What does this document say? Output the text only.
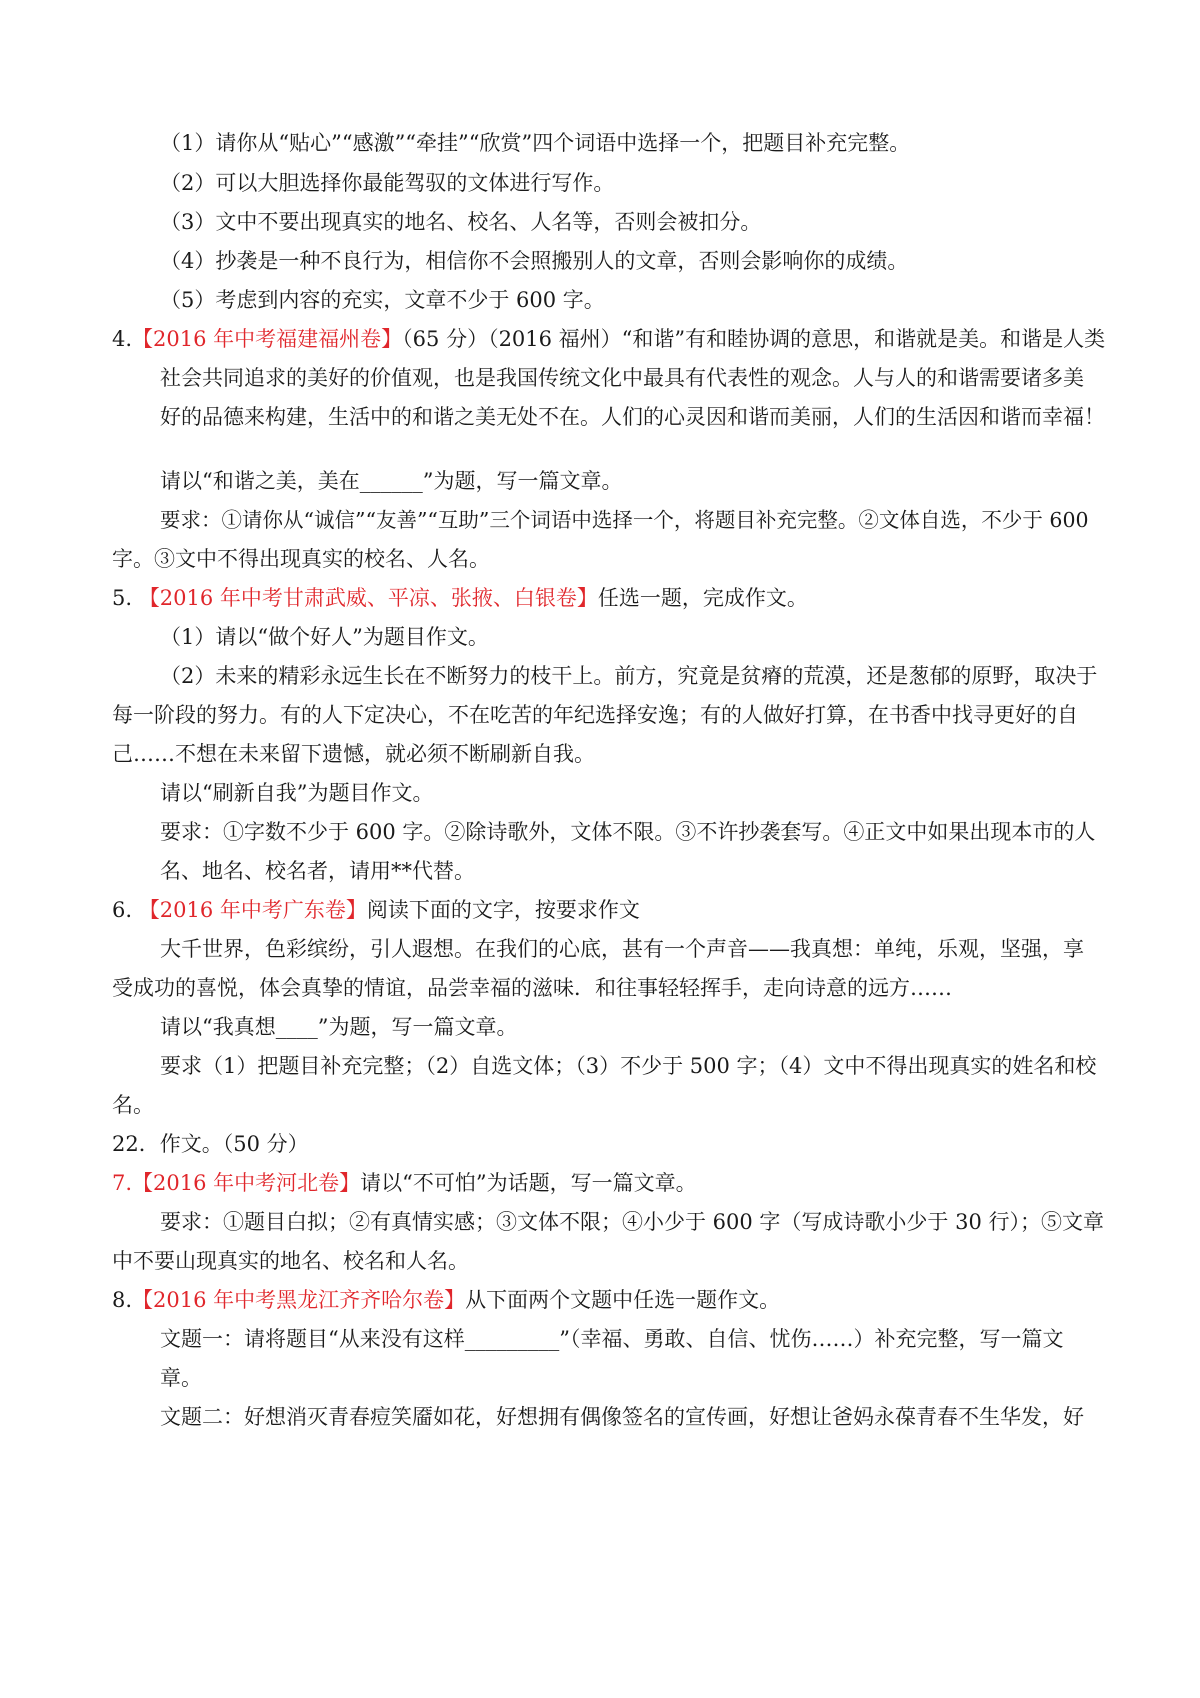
（1）请你从“贴心”“感激”“牵挂”“欣赏”四个词语中选择一个，把题目补充完整。
（2）可以大胆选择你最能驾驭的文体进行写作。
（3）文中不要出现真实的地名、校名、人名等，否则会被扣分。
（4）抄袭是一种不良行为，相信你不会照搬别人的文章，否则会影响你的成绩。
（5）考虑到内容的充实，文章不少于 600 字。
4.【2016 年中考福建福州卷】（65 分）（2016 福州）“和谐”有和睦协调的意思，和谐就是美。和谐是人类
社会共同追求的美好的价值观，也是我国传统文化中最具有代表性的观念。人与人的和谐需要诸多美
好的品德来构建，生活中的和谐之美无处不在。人们的心灵因和谐而美丽，人们的生活因和谐而幸福！
请以“和谐之美，美在______”为题，写一篇文章。
要求：①请你从“诚信”“友善”“互助”三个词语中选择一个，将题目补充完整。②文体自选，不少于 600
字。③文中不得出现真实的校名、人名。
5. 【2016 年中考甘肃武威、平凉、张掖、白银卷】任选一题，完成作文。
（1）请以“做个好人”为题目作文。
（2）未来的精彩永远生长在不断努力的枝干上。前方，究竟是贫瘠的荒漠，还是葱郁的原野，取决于
每一阶段的努力。有的人下定决心，不在吃苦的年纪选择安逸；有的人做好打算，在书香中找寻更好的自
己……不想在未来留下遗憾，就必须不断刷新自我。
请以“刷新自我”为题目作文。
要求：①字数不少于 600 字。②除诗歌外，文体不限。③不许抄袭套写。④正文中如果出现本市的人
名、地名、校名者，请用**代替。
6. 【2016 年中考广东卷】阅读下面的文字，按要求作文
大千世界，色彩缤纷，引人遐想。在我们的心底，甚有一个声音——我真想：单纯，乐观，坚强，享
受成功的喜悦，体会真挚的情谊，品尝幸福的滋味．和往事轻轻挥手，走向诗意的远方……
请以“我真想____”为题，写一篇文章。
要求（1）把题目补充完整；（2）自选文体；（3）不少于 500 字；（4）文中不得出现真实的姓名和校
名。
22．作文。（50 分）
7.【2016 年中考河北卷】请以“不可怕”为话题，写一篇文章。
要求：①题目白拟；②有真情实感；③文体不限；④小少于 600 字（写成诗歌小少于 30 行）；⑤文章
中不要山现真实的地名、校名和人名。
8.【2016 年中考黑龙江齐齐哈尔卷】从下面两个文题中任选一题作文。
文题一：请将题目“从来没有这样_________”（幸福、勇敢、自信、忧伤……）补充完整，写一篇文
章。
文题二：好想消灭青春痘笑靥如花，好想拥有偶像签名的宣传画，好想让爸妈永葆青春不生华发，好
